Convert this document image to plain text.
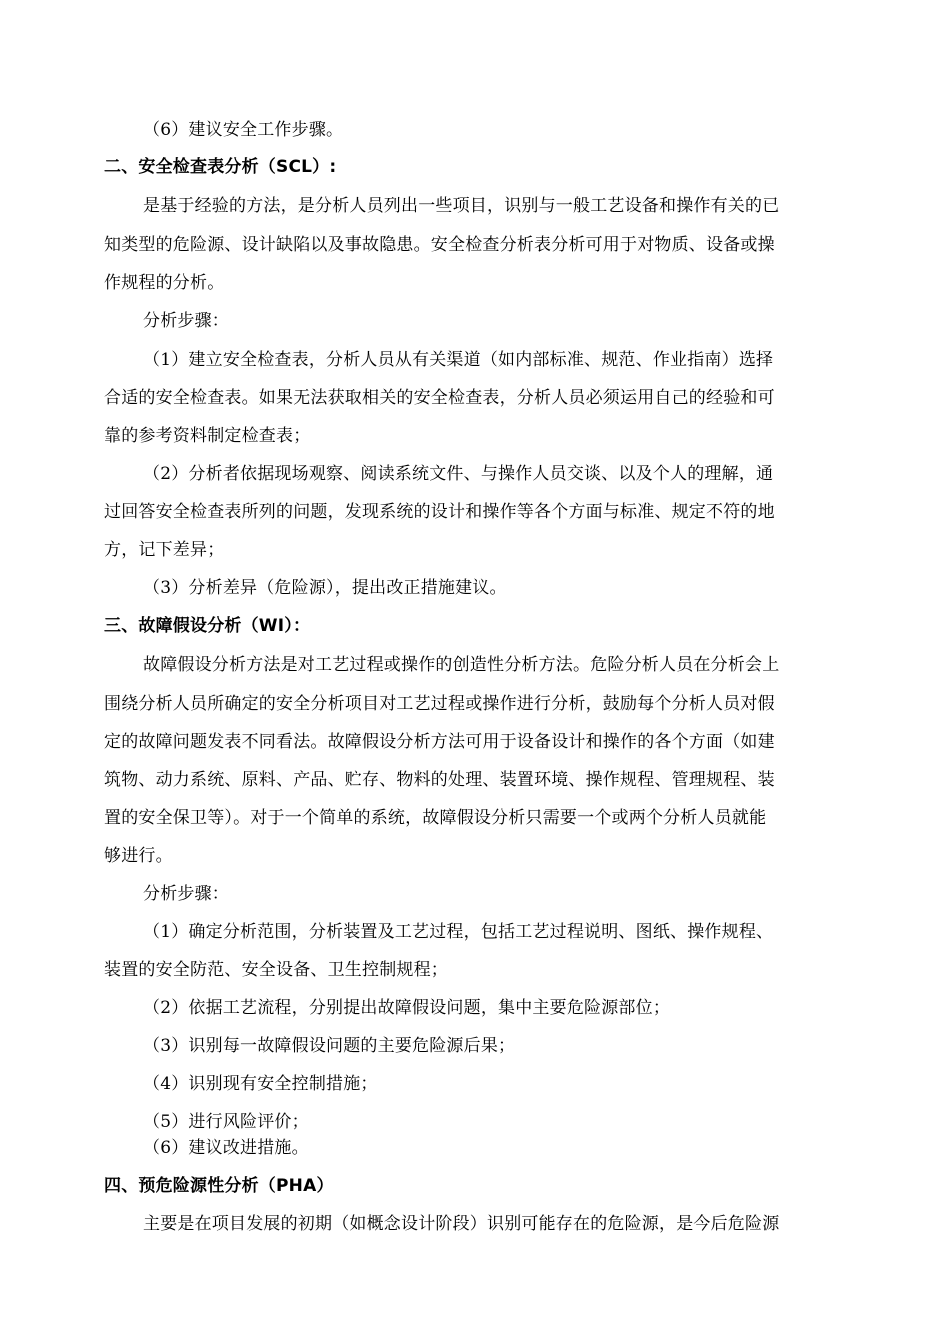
（6）建议安全工作步骤。
二、安全检查表分析（SCL）:
是基于经验的方法，是分析人员列出一些项目，识别与一般工艺设备和操作有关的已
知类型的危险源、设计缺陷以及事故隐患。安全检查分析表分析可用于对物质、设备或操
作规程的分析。
分析步骤：
（1）建立安全检查表，分析人员从有关渠道（如内部标准、规范、作业指南）选择
合适的安全检查表。如果无法获取相关的安全检查表，分析人员必须运用自己的经验和可
靠的参考资料制定检查表；
（2）分析者依据现场观察、阅读系统文件、与操作人员交谈、以及个人的理解，通
过回答安全检查表所列的问题，发现系统的设计和操作等各个方面与标准、规定不符的地
方，记下差异；
（3）分析差异（危险源），提出改正措施建议。
三、故障假设分析（WI）：
故障假设分析方法是对工艺过程或操作的创造性分析方法。危险分析人员在分析会上
围绕分析人员所确定的安全分析项目对工艺过程或操作进行分析，鼓励每个分析人员对假
定的故障问题发表不同看法。故障假设分析方法可用于设备设计和操作的各个方面（如建
筑物、动力系统、原料、产品、贮存、物料的处理、装置环境、操作规程、管理规程、装
置的安全保卫等）。对于一个简单的系统，故障假设分析只需要一个或两个分析人员就能
够进行。
分析步骤：
（1）确定分析范围，分析装置及工艺过程，包括工艺过程说明、图纸、操作规程、
装置的安全防范、安全设备、卫生控制规程；
（2）依据工艺流程，分别提出故障假设问题，集中主要危险源部位；
（3）识别每一故障假设问题的主要危险源后果；
（4）识别现有安全控制措施；
（5）进行风险评价；
（6）建议改进措施。
四、预危险源性分析（PHA）
主要是在项目发展的初期（如概念设计阶段）识别可能存在的危险源，是今后危险源
